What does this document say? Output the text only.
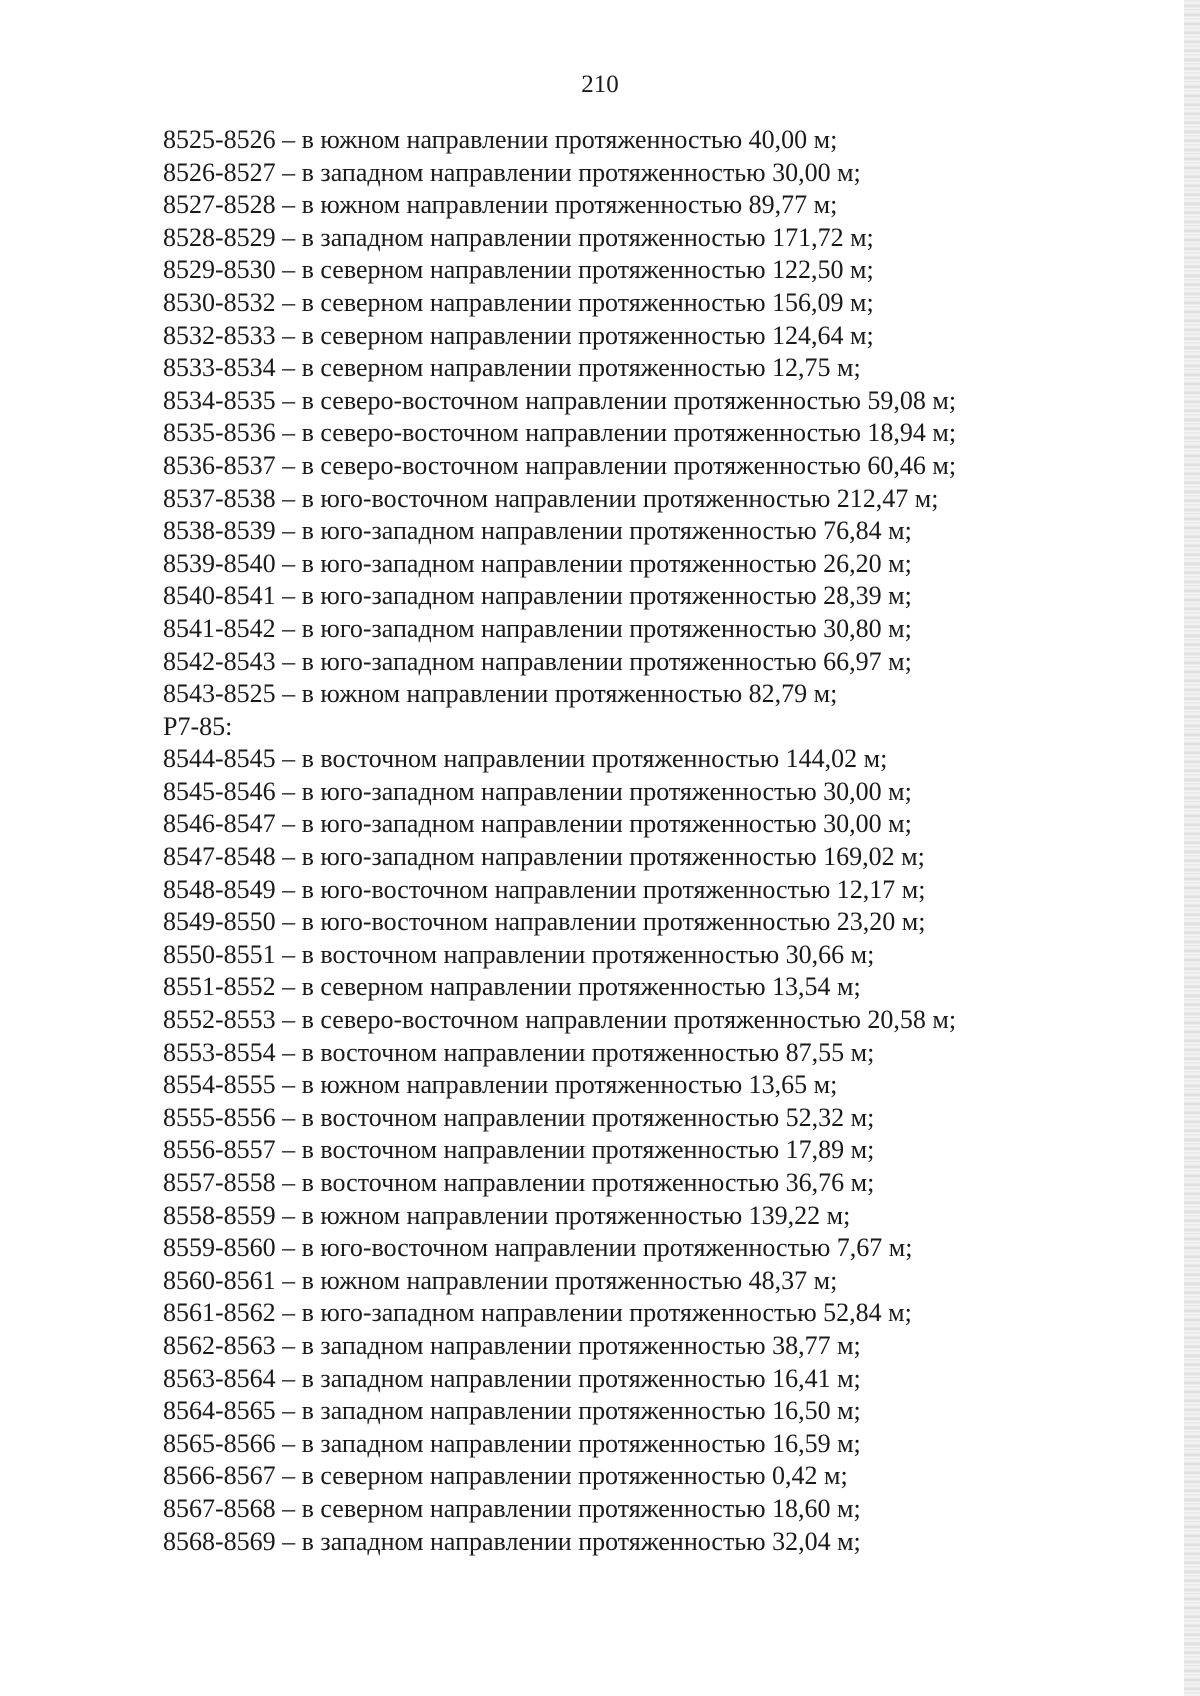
210
8525-8526 – в южном направлении протяженностью 40,00 м;
8526-8527 – в западном направлении протяженностью 30,00 м;
8527-8528 – в южном направлении протяженностью 89,77 м;
8528-8529 – в западном направлении протяженностью 171,72 м;
8529-8530 – в северном направлении протяженностью 122,50 м;
8530-8532 – в северном направлении протяженностью 156,09 м;
8532-8533 – в северном направлении протяженностью 124,64 м;
8533-8534 – в северном направлении протяженностью 12,75 м;
8534-8535 – в северо-восточном направлении протяженностью 59,08 м;
8535-8536 – в северо-восточном направлении протяженностью 18,94 м;
8536-8537 – в северо-восточном направлении протяженностью 60,46 м;
8537-8538 – в юго-восточном направлении протяженностью 212,47 м;
8538-8539 – в юго-западном направлении протяженностью 76,84 м;
8539-8540 – в юго-западном направлении протяженностью 26,20 м;
8540-8541 – в юго-западном направлении протяженностью 28,39 м;
8541-8542 – в юго-западном направлении протяженностью 30,80 м;
8542-8543 – в юго-западном направлении протяженностью 66,97 м;
8543-8525 – в южном направлении протяженностью 82,79 м;
Р7-85:
8544-8545 – в восточном направлении протяженностью 144,02 м;
8545-8546 – в юго-западном направлении протяженностью 30,00 м;
8546-8547 – в юго-западном направлении протяженностью 30,00 м;
8547-8548 – в юго-западном направлении протяженностью 169,02 м;
8548-8549 – в юго-восточном направлении протяженностью 12,17 м;
8549-8550 – в юго-восточном направлении протяженностью 23,20 м;
8550-8551 – в восточном направлении протяженностью 30,66 м;
8551-8552 – в северном направлении протяженностью 13,54 м;
8552-8553 – в северо-восточном направлении протяженностью 20,58 м;
8553-8554 – в восточном направлении протяженностью 87,55 м;
8554-8555 – в южном направлении протяженностью 13,65 м;
8555-8556 – в восточном направлении протяженностью 52,32 м;
8556-8557 – в восточном направлении протяженностью 17,89 м;
8557-8558 – в восточном направлении протяженностью 36,76 м;
8558-8559 – в южном направлении протяженностью 139,22 м;
8559-8560 – в юго-восточном направлении протяженностью 7,67 м;
8560-8561 – в южном направлении протяженностью 48,37 м;
8561-8562 – в юго-западном направлении протяженностью 52,84 м;
8562-8563 – в западном направлении протяженностью 38,77 м;
8563-8564 – в западном направлении протяженностью 16,41 м;
8564-8565 – в западном направлении протяженностью 16,50 м;
8565-8566 – в западном направлении протяженностью 16,59 м;
8566-8567 – в северном направлении протяженностью 0,42 м;
8567-8568 – в северном направлении протяженностью 18,60 м;
8568-8569 – в западном направлении протяженностью 32,04 м;
